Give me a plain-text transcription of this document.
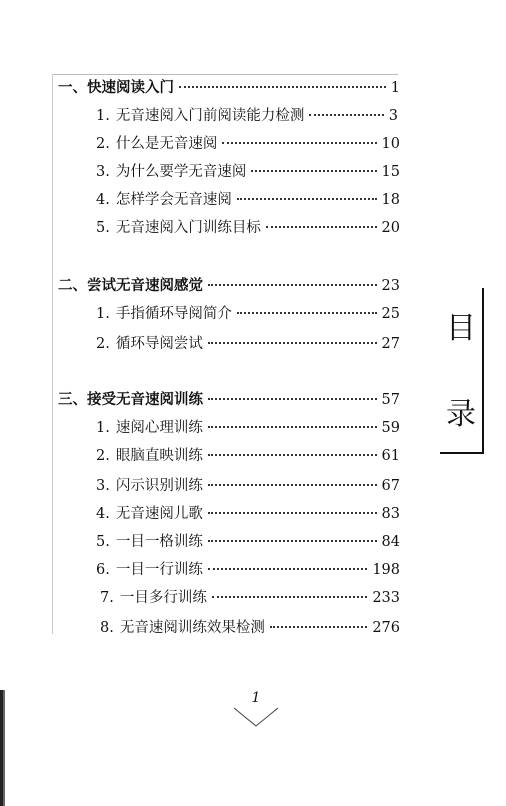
一、快速阅读入门	1
1. 无音速阅入门前阅读能力检测	3
2. 什么是无音速阅	10
3. 为什么要学无音速阅	15
4. 怎样学会无音速阅	18
5. 无音速阅入门训练目标	20
二、尝试无音速阅感觉	23
1. 手指循环导阅简介	25
2. 循环导阅尝试	27
三、接受无音速阅训练	57
1. 速阅心理训练	59
2. 眼脑直映训练	61
3. 闪示识别训练	67
4. 无音速阅儿歌	83
5. 一目一格训练	84
6. 一目一行训练	198
7. 一目多行训练	233
8. 无音速阅训练效果检测	276
目
录
1
